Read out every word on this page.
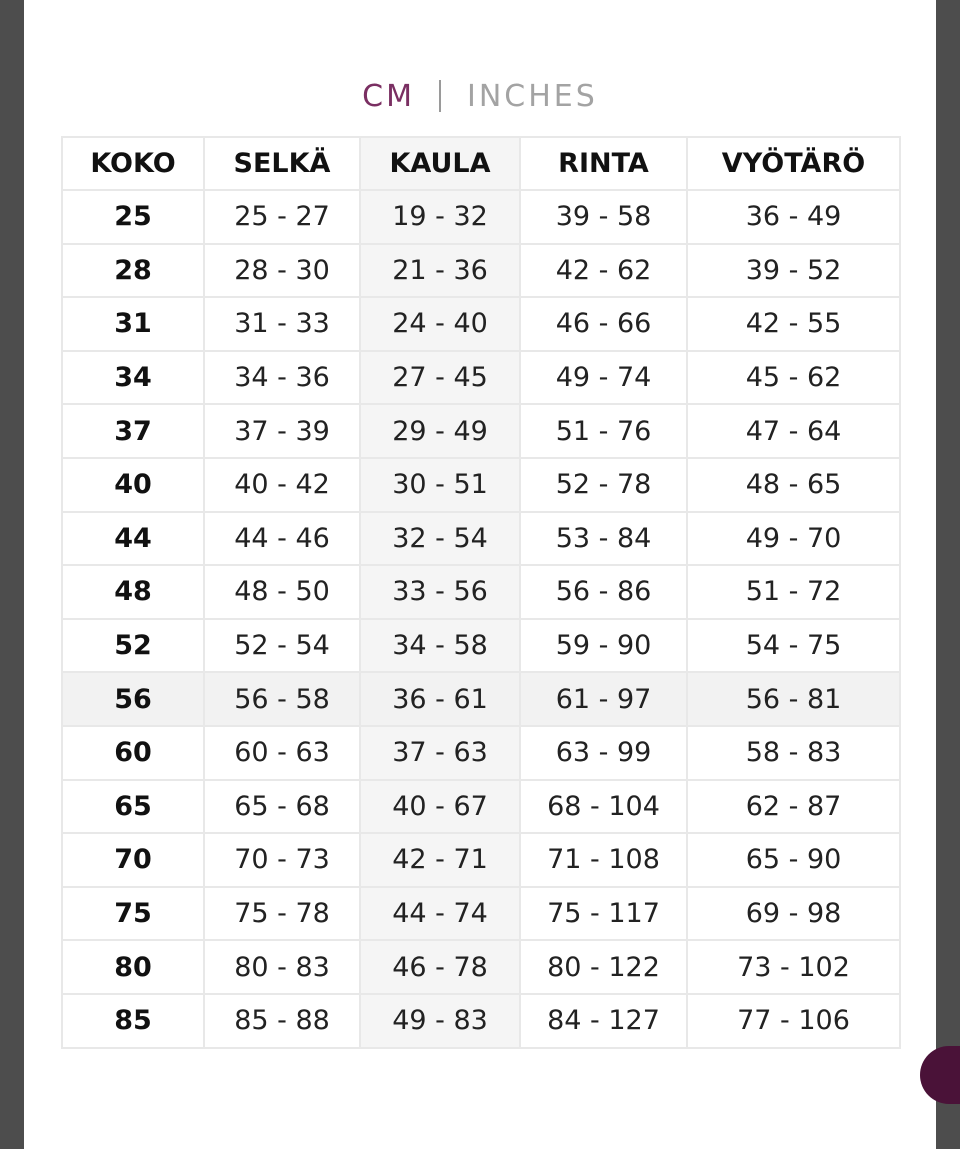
CM INCHES
KOKO	SELKÄ	KAULA	RINTA	VYÖTÄRÖ
25	25 - 27	19 - 32	39 - 58	36 - 49
28	28 - 30	21 - 36	42 - 62	39 - 52
31	31 - 33	24 - 40	46 - 66	42 - 55
34	34 - 36	27 - 45	49 - 74	45 - 62
37	37 - 39	29 - 49	51 - 76	47 - 64
40	40 - 42	30 - 51	52 - 78	48 - 65
44	44 - 46	32 - 54	53 - 84	49 - 70
48	48 - 50	33 - 56	56 - 86	51 - 72
52	52 - 54	34 - 58	59 - 90	54 - 75
56	56 - 58	36 - 61	61 - 97	56 - 81
60	60 - 63	37 - 63	63 - 99	58 - 83
65	65 - 68	40 - 67	68 - 104	62 - 87
70	70 - 73	42 - 71	71 - 108	65 - 90
75	75 - 78	44 - 74	75 - 117	69 - 98
80	80 - 83	46 - 78	80 - 122	73 - 102
85	85 - 88	49 - 83	84 - 127	77 - 106
